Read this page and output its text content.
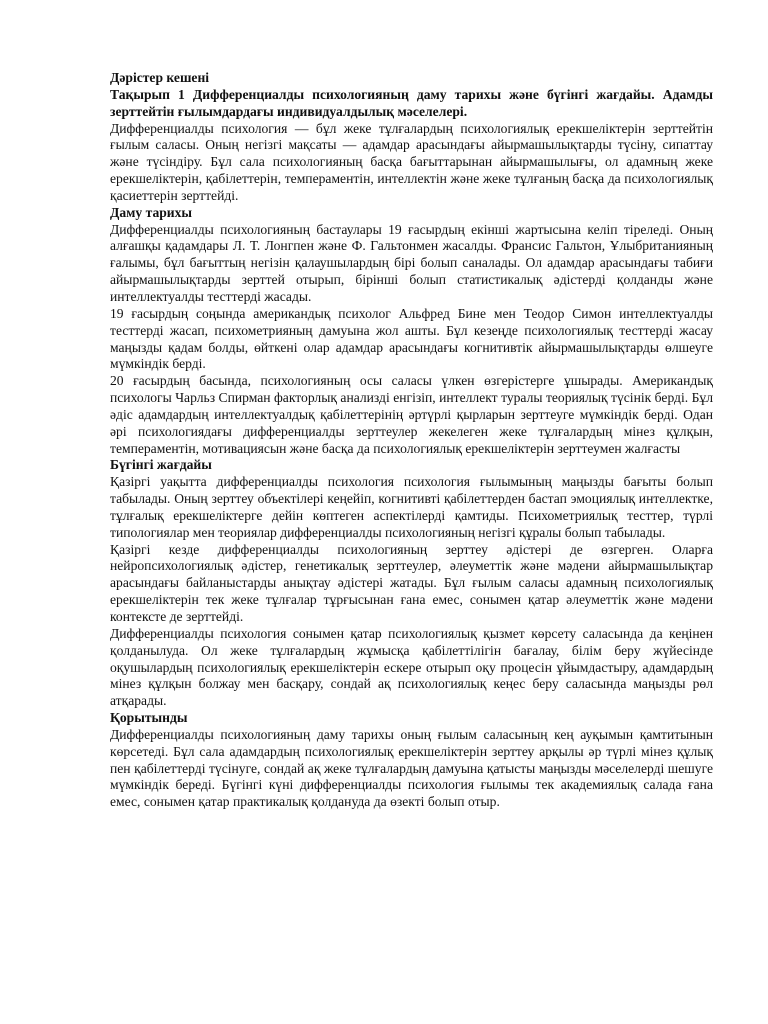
Дәрістер кешені

Тақырып 1 Дифференциалды психологияның даму тарихы және бүгінгі жағдайы. Адамды зерттейтін ғылымдардағы индивидуалдылық мәселелері.

Дифференциалды психология — бұл жеке тұлғалардың психологиялық ерекшеліктерін зерттейтін ғылым саласы. Оның негізгі мақсаты — адамдар арасындағы айырмашылықтарды түсіну, сипаттау және түсіндіру. Бұл сала психологияның басқа бағыттарынан айырмашылығы, ол адамның жеке ерекшеліктерін, қабілеттерін, темпераментін, интеллектін және жеке тұлғаның басқа да психологиялық қасиеттерін зерттейді.

Даму тарихы

Дифференциалды психологияның бастаулары 19 ғасырдың екінші жартысына келіп тіреледі. Оның алғашқы қадамдары Л. Т. Лонгпен және Ф. Гальтонмен жасалды. Франсис Гальтон, Ұлыбританияның ғалымы, бұл бағыттың негізін қалаушылардың бірі болып саналады. Ол адамдар арасындағы табиғи айырмашылықтарды зерттей отырып, бірінші болып статистикалық әдістерді қолданды және интеллектуалды тесттерді жасады.

19 ғасырдың соңында американдық психолог Альфред Бине мен Теодор Симон интеллектуалды тесттерді жасап, психометрияның дамуына жол ашты. Бұл кезеңде психологиялық тесттерді жасау маңызды қадам болды, өйткені олар адамдар арасындағы когнитивтік айырмашылықтарды өлшеуге мүмкіндік берді.

20 ғасырдың басында, психологияның осы саласы үлкен өзгерістерге ұшырады. Американдық психологы Чарльз Спирман факторлық анализді енгізіп, интеллект туралы теориялық түсінік берді. Бұл әдіс адамдардың интеллектуалдық қабілеттерінің әртүрлі қырларын зерттеуге мүмкіндік берді. Одан әрі психологиядағы дифференциалды зерттеулер жекелеген жеке тұлғалардың мінез құлқын, темпераментін, мотивациясын және басқа да психологиялық ерекшеліктерін зерттеумен жалғасты

Бүгінгі жағдайы

Қазіргі уақытта дифференциалды психология психология ғылымының маңызды бағыты болып табылады. Оның зерттеу объектілері кеңейіп, когнитивті қабілеттерден бастап эмоциялық интеллектке, тұлғалық ерекшеліктерге дейін көптеген аспектілерді қамтиды. Психометриялық тесттер, түрлі типологиялар мен теориялар дифференциалды психологияның негізгі құралы болып табылады.

Қазіргі кезде дифференциалды психологияның зерттеу әдістері де өзгерген. Оларға нейропсихологиялық әдістер, генетикалық зерттеулер, әлеуметтік және мәдени айырмашылықтар арасындағы байланыстарды анықтау әдістері жатады. Бұл ғылым саласы адамның психологиялық ерекшеліктерін тек жеке тұлғалар тұрғысынан ғана емес, сонымен қатар әлеуметтік және мәдени контексте де зерттейді.

Дифференциалды психология сонымен қатар психологиялық қызмет көрсету саласында да кеңінен қолданылуда. Ол жеке тұлғалардың жұмысқа қабілеттілігін бағалау, білім беру жүйесінде оқушылардың психологиялық ерекшеліктерін ескере отырып оқу процесін ұйымдастыру, адамдардың мінез құлқын болжау мен басқару, сондай ақ психологиялық кеңес беру саласында маңызды рөл атқарады.

Қорытынды

Дифференциалды психологияның даму тарихы оның ғылым саласының кең ауқымын қамтитынын көрсетеді. Бұл сала адамдардың психологиялық ерекшеліктерін зерттеу арқылы әр түрлі мінез құлық пен қабілеттерді түсінуге, сондай ақ жеке тұлғалардың дамуына қатысты маңызды мәселелерді шешуге мүмкіндік береді. Бүгінгі күні дифференциалды психология ғылымы тек академиялық салада ғана емес, сонымен қатар практикалық қолдануда да өзекті болып отыр.
